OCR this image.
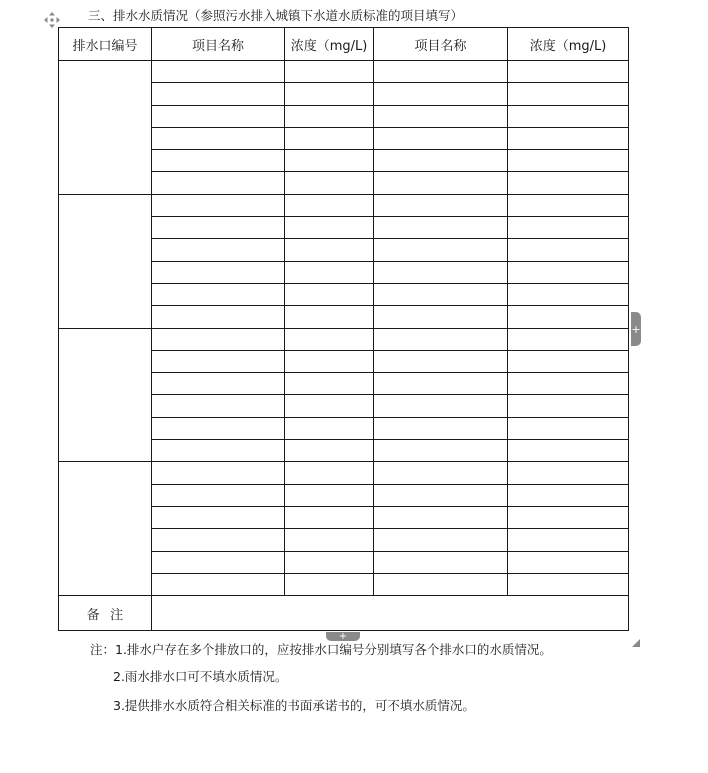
三、排水水质情况（参照污水排入城镇下水道水质标准的项目填写）
排水口编号	项目名称	浓度（mg/L)	项目名称	浓度（mg/L)

备注				
+
+
注：1.排水户存在多个排放口的，应按排水口编号分别填写各个排水口的水质情况。
2.雨水排水口可不填水质情况。
3.提供排水水质符合相关标准的书面承诺书的，可不填水质情况。
